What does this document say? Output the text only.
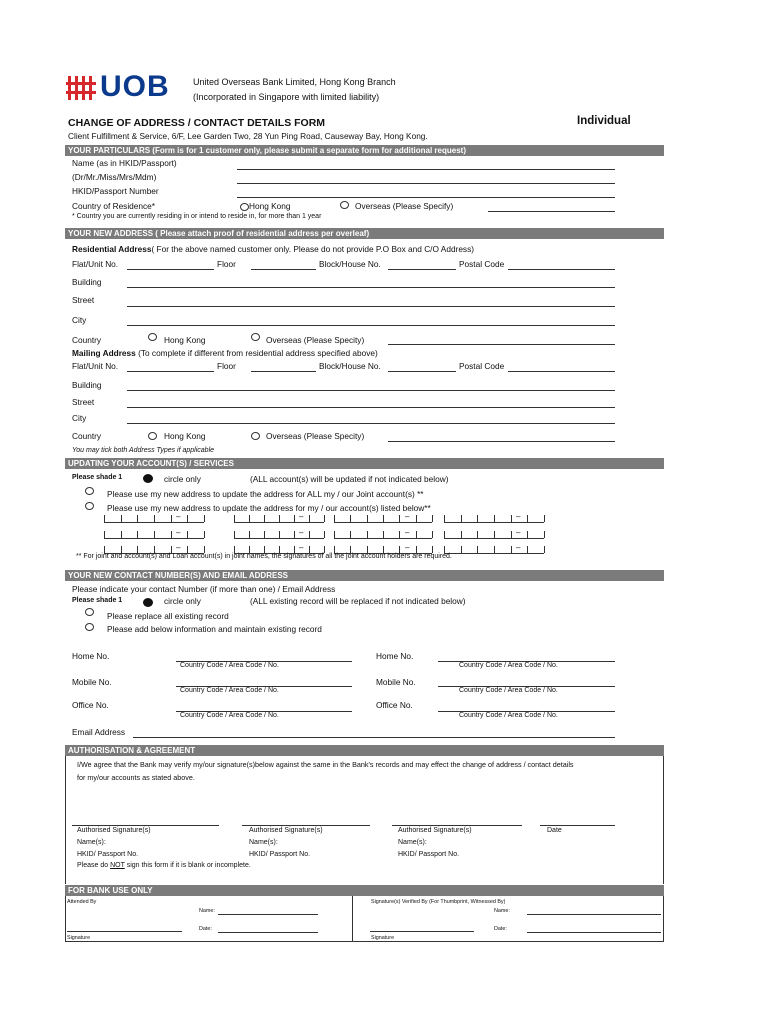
UOB	United Overseas Bank Limited, Hong Kong Branch
(Incorporated in Singapore with limited liability)
CHANGE OF ADDRESS / CONTACT DETAILS FORM	Individual
Client Fulfillment & Service, 6/F, Lee Garden Two, 28 Yun Ping Road, Causeway Bay, Hong Kong.
YOUR PARTICULARS (Form is for 1 customer only, please submit a separate form for additional request)
Name (as in HKID/Passport)
(Dr/Mr./Miss/Mrs/Mdm)
HKID/Passport Number
Country of Residence*	Hong Kong	Overseas (Please Specify)
* Country you are currently residing in or intend to reside in, for more than 1 year
YOUR NEW ADDRESS ( Please attach proof of residential address per overleaf)
Residential Address( For the above named customer only. Please do not provide P.O Box and C/O Address)
Flat/Unit No.	Floor	Block/House No.	Postal Code
Building
Street
City
Country	Hong Kong	Overseas (Please Specity)
Mailing Address (To complete if different from residential address specified above)
Flat/Unit No.	Floor	Block/House No.	Postal Code
Building
Street
City
Country	Hong Kong	Overseas (Please Specity)
You may tick both Address Types if applicable
UPDATING YOUR ACCOUNT(S) / SERVICES
Please shade 1	circle only	(ALL account(s) will be updated if not indicated below)
Please use my new address to update the address for ALL my / our Joint account(s) **
Please use my new address to update the address for my / our account(s) listed below**
–	–	–	–
–	–	–	–
–	–	–	–
** For joint and account(s) and Loan account(s) in joint names, the signatures of all the joint account holders are required.
YOUR NEW CONTACT NUMBER(S) AND EMAIL ADDRESS
Please indicate your contact Number (if more than one) / Email Address
Please shade 1	circle only	(ALL existing record will be replaced if not indicated below)
Please replace all existing record
Please add below information and maintain existing record
Home No.
Country Code / Area Code / No.
Home No.
Country Code / Area Code / No.
Mobile No.
Country Code / Area Code / No.
Mobile No.
Country Code / Area Code / No.
Office No.
Country Code / Area Code / No.
Office No.
Country Code / Area Code / No.
Email Address
AUTHORISATION & AGREEMENT
I/We agree that the Bank may verify my/our signature(s)below against the same in the Bank's records and may effect the change of address / contact details
for my/our accounts as stated above.
Authorised Signature(s)	Authorised Signature(s)	Authorised Signature(s)	Date
Name(s):	Name(s):	Name(s):
HKID/ Passport No.	HKID/ Passport No.	HKID/ Passport No.
Please do NOT sign this form if it is blank or incomplete.
FOR BANK USE ONLY
Attended By
Name:
Date:
Signature
Signature(s) Verified By (For Thumbprint, Witnessed By)
Name:
Date:
Signature
